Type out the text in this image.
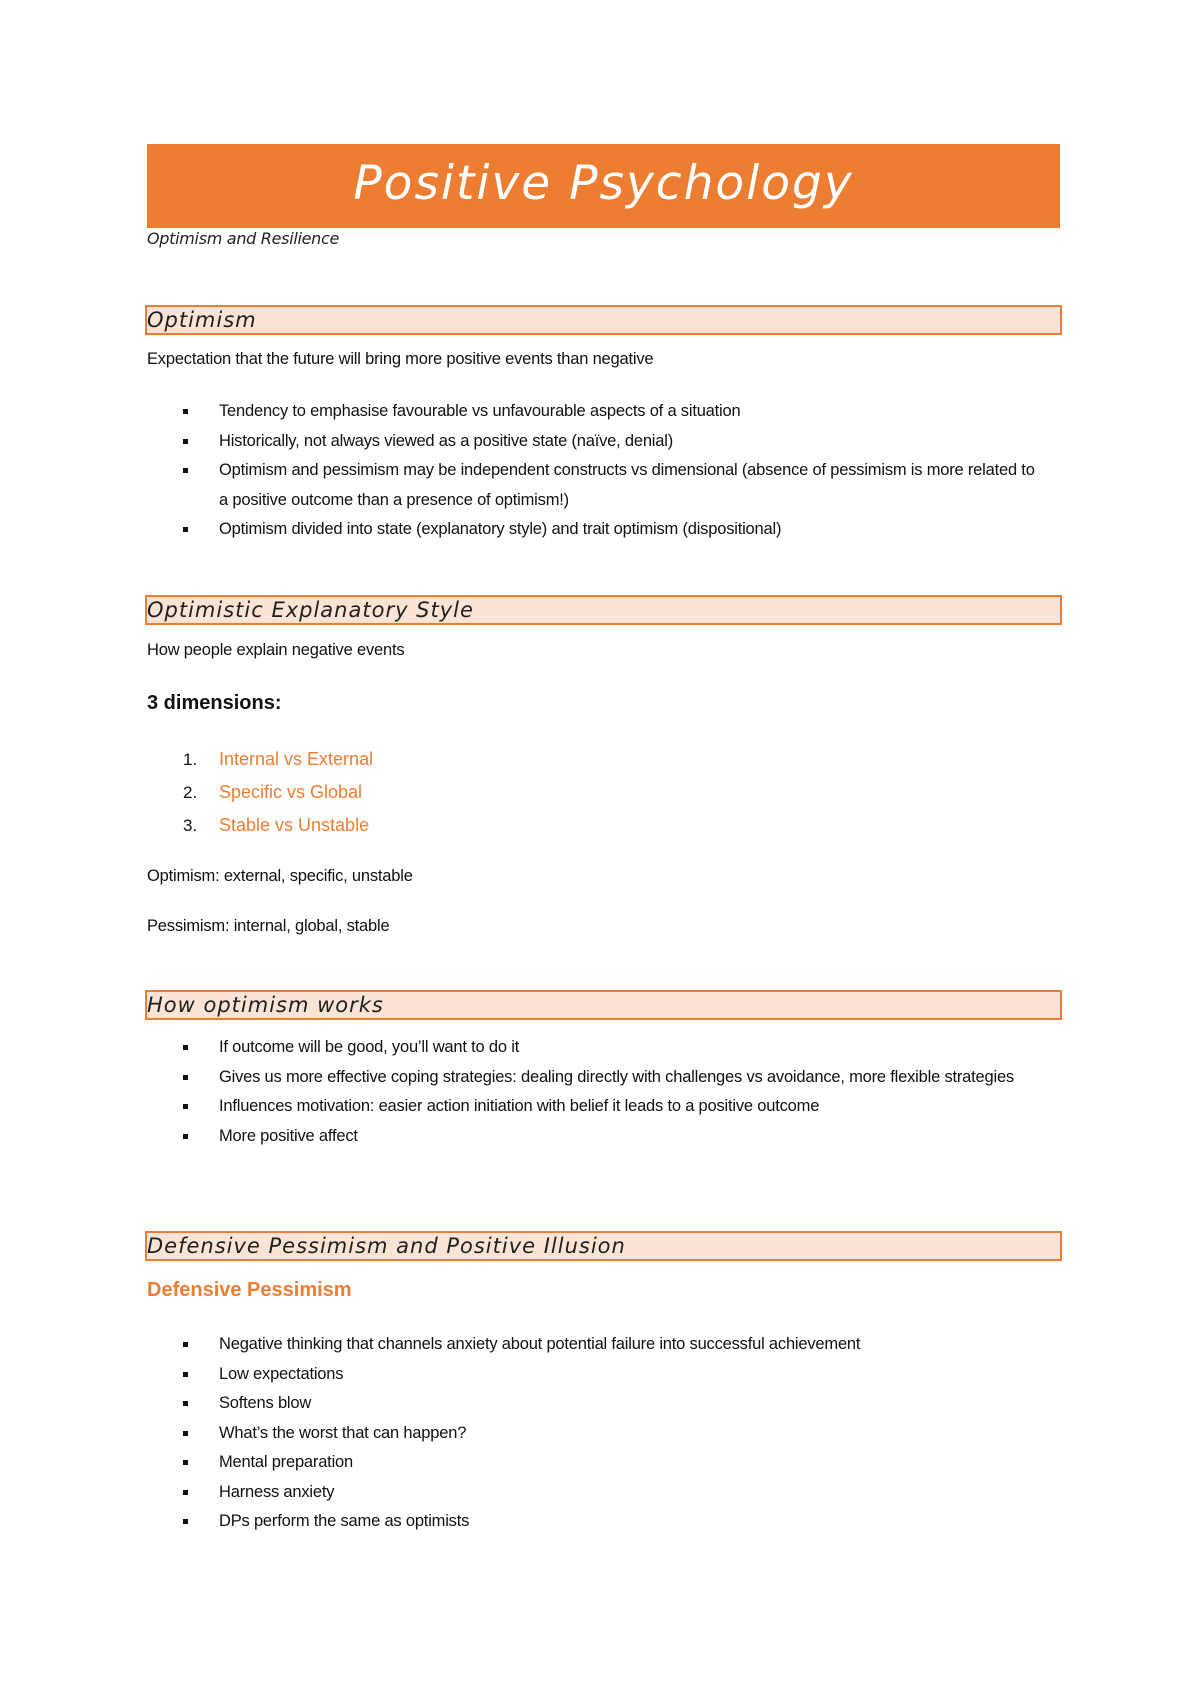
Positive Psychology
Optimism and Resilience
Optimism
Expectation that the future will bring more positive events than negative
Tendency to emphasise favourable vs unfavourable aspects of a situation
Historically, not always viewed as a positive state (naïve, denial)
Optimism and pessimism may be independent constructs vs dimensional (absence of pessimism is more related to a positive outcome than a presence of optimism!)
Optimism divided into state (explanatory style) and trait optimism (dispositional)
Optimistic Explanatory Style
How people explain negative events
3 dimensions:
1. Internal vs External
2. Specific vs Global
3. Stable vs Unstable
Optimism: external, specific, unstable
Pessimism: internal, global, stable
How optimism works
If outcome will be good, you’ll want to do it
Gives us more effective coping strategies: dealing directly with challenges vs avoidance, more flexible strategies
Influences motivation: easier action initiation with belief it leads to a positive outcome
More positive affect
Defensive Pessimism and Positive Illusion
Defensive Pessimism
Negative thinking that channels anxiety about potential failure into successful achievement
Low expectations
Softens blow
What’s the worst that can happen?
Mental preparation
Harness anxiety
DPs perform the same as optimists
